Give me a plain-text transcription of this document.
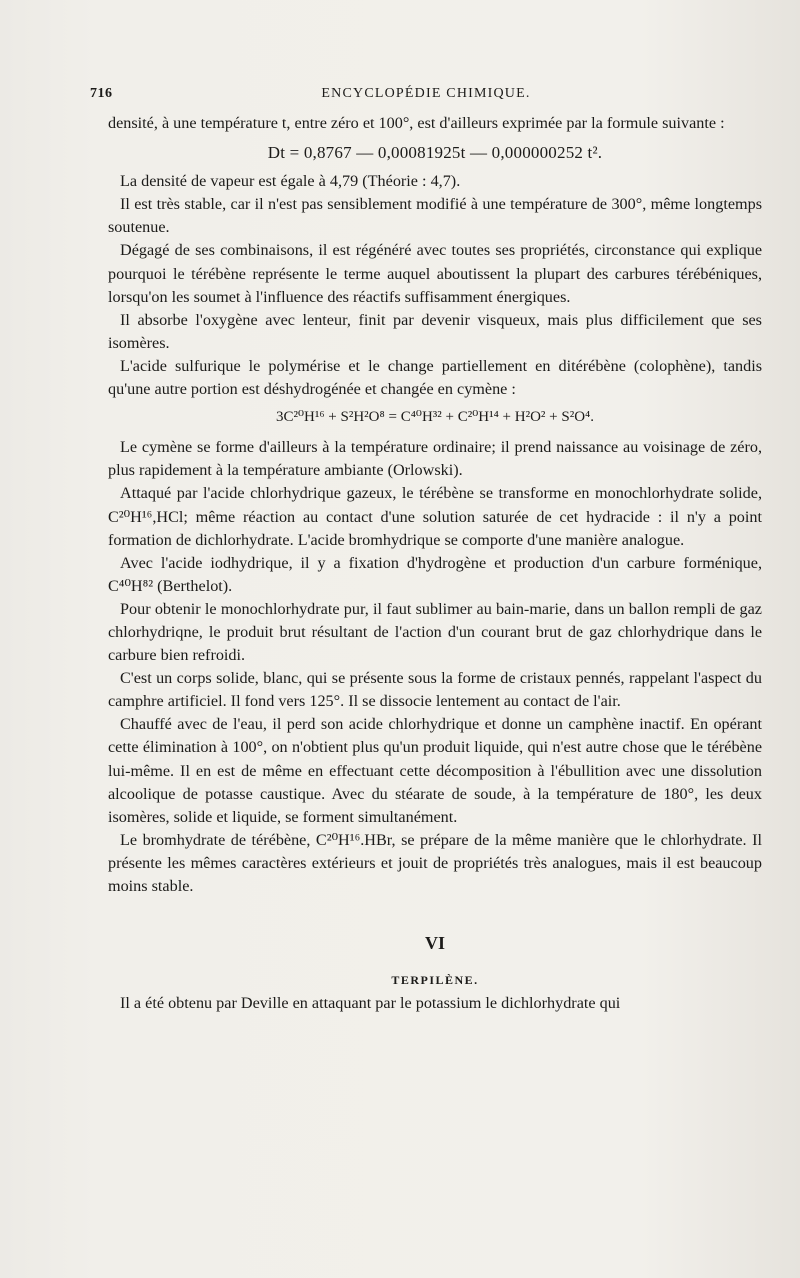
716	ENCYCLOPÉDIE CHIMIQUE.

densité, à une température t, entre zéro et 100°, est d'ailleurs exprimée par la formule suivante :

Dt = 0,8767 — 0,00081925t — 0,000000252 t².

La densité de vapeur est égale à 4,79 (Théorie : 4,7).

Il est très stable, car il n'est pas sensiblement modifié à une température de 300°, même longtemps soutenue.

Dégagé de ses combinaisons, il est régénéré avec toutes ses propriétés, circonstance qui explique pourquoi le térébène représente le terme auquel aboutissent la plupart des carbures térébéniques, lorsqu'on les soumet à l'influence des réactifs suffisamment énergiques.

Il absorbe l'oxygène avec lenteur, finit par devenir visqueux, mais plus difficilement que ses isomères.

L'acide sulfurique le polymérise et le change partiellement en ditérébène (colophène), tandis qu'une autre portion est déshydrogénée et changée en cymène :

3C²⁰H¹⁶ + S²H²O⁸ = C⁴⁰H³² + C²⁰H¹⁴ + H²O² + S²O⁴.

Le cymène se forme d'ailleurs à la température ordinaire; il prend naissance au voisinage de zéro, plus rapidement à la température ambiante (Orlowski).

Attaqué par l'acide chlorhydrique gazeux, le térébène se transforme en monochlorhydrate solide, C²⁰H¹⁶,HCl; même réaction au contact d'une solution saturée de cet hydracide : il n'y a point formation de dichlorhydrate. L'acide bromhydrique se comporte d'une manière analogue.

Avec l'acide iodhydrique, il y a fixation d'hydrogène et production d'un carbure forménique, C⁴⁰H⁸² (Berthelot).

Pour obtenir le monochlorhydrate pur, il faut sublimer au bain-marie, dans un ballon rempli de gaz chlorhydriqne, le produit brut résultant de l'action d'un courant brut de gaz chlorhydrique dans le carbure bien refroidi.

C'est un corps solide, blanc, qui se présente sous la forme de cristaux pennés, rappelant l'aspect du camphre artificiel. Il fond vers 125°. Il se dissocie lentement au contact de l'air.

Chauffé avec de l'eau, il perd son acide chlorhydrique et donne un camphène inactif. En opérant cette élimination à 100°, on n'obtient plus qu'un produit liquide, qui n'est autre chose que le térébène lui-même. Il en est de même en effectuant cette décomposition à l'ébullition avec une dissolution alcoolique de potasse caustique. Avec du stéarate de soude, à la température de 180°, les deux isomères, solide et liquide, se forment simultanément.

Le bromhydrate de térébène, C²⁰H¹⁶.HBr, se prépare de la même manière que le chlorhydrate. Il présente les mêmes caractères extérieurs et jouit de propriétés très analogues, mais il est beaucoup moins stable.

VI
TERPILÈNE.

Il a été obtenu par Deville en attaquant par le potassium le dichlorhydrate qui
